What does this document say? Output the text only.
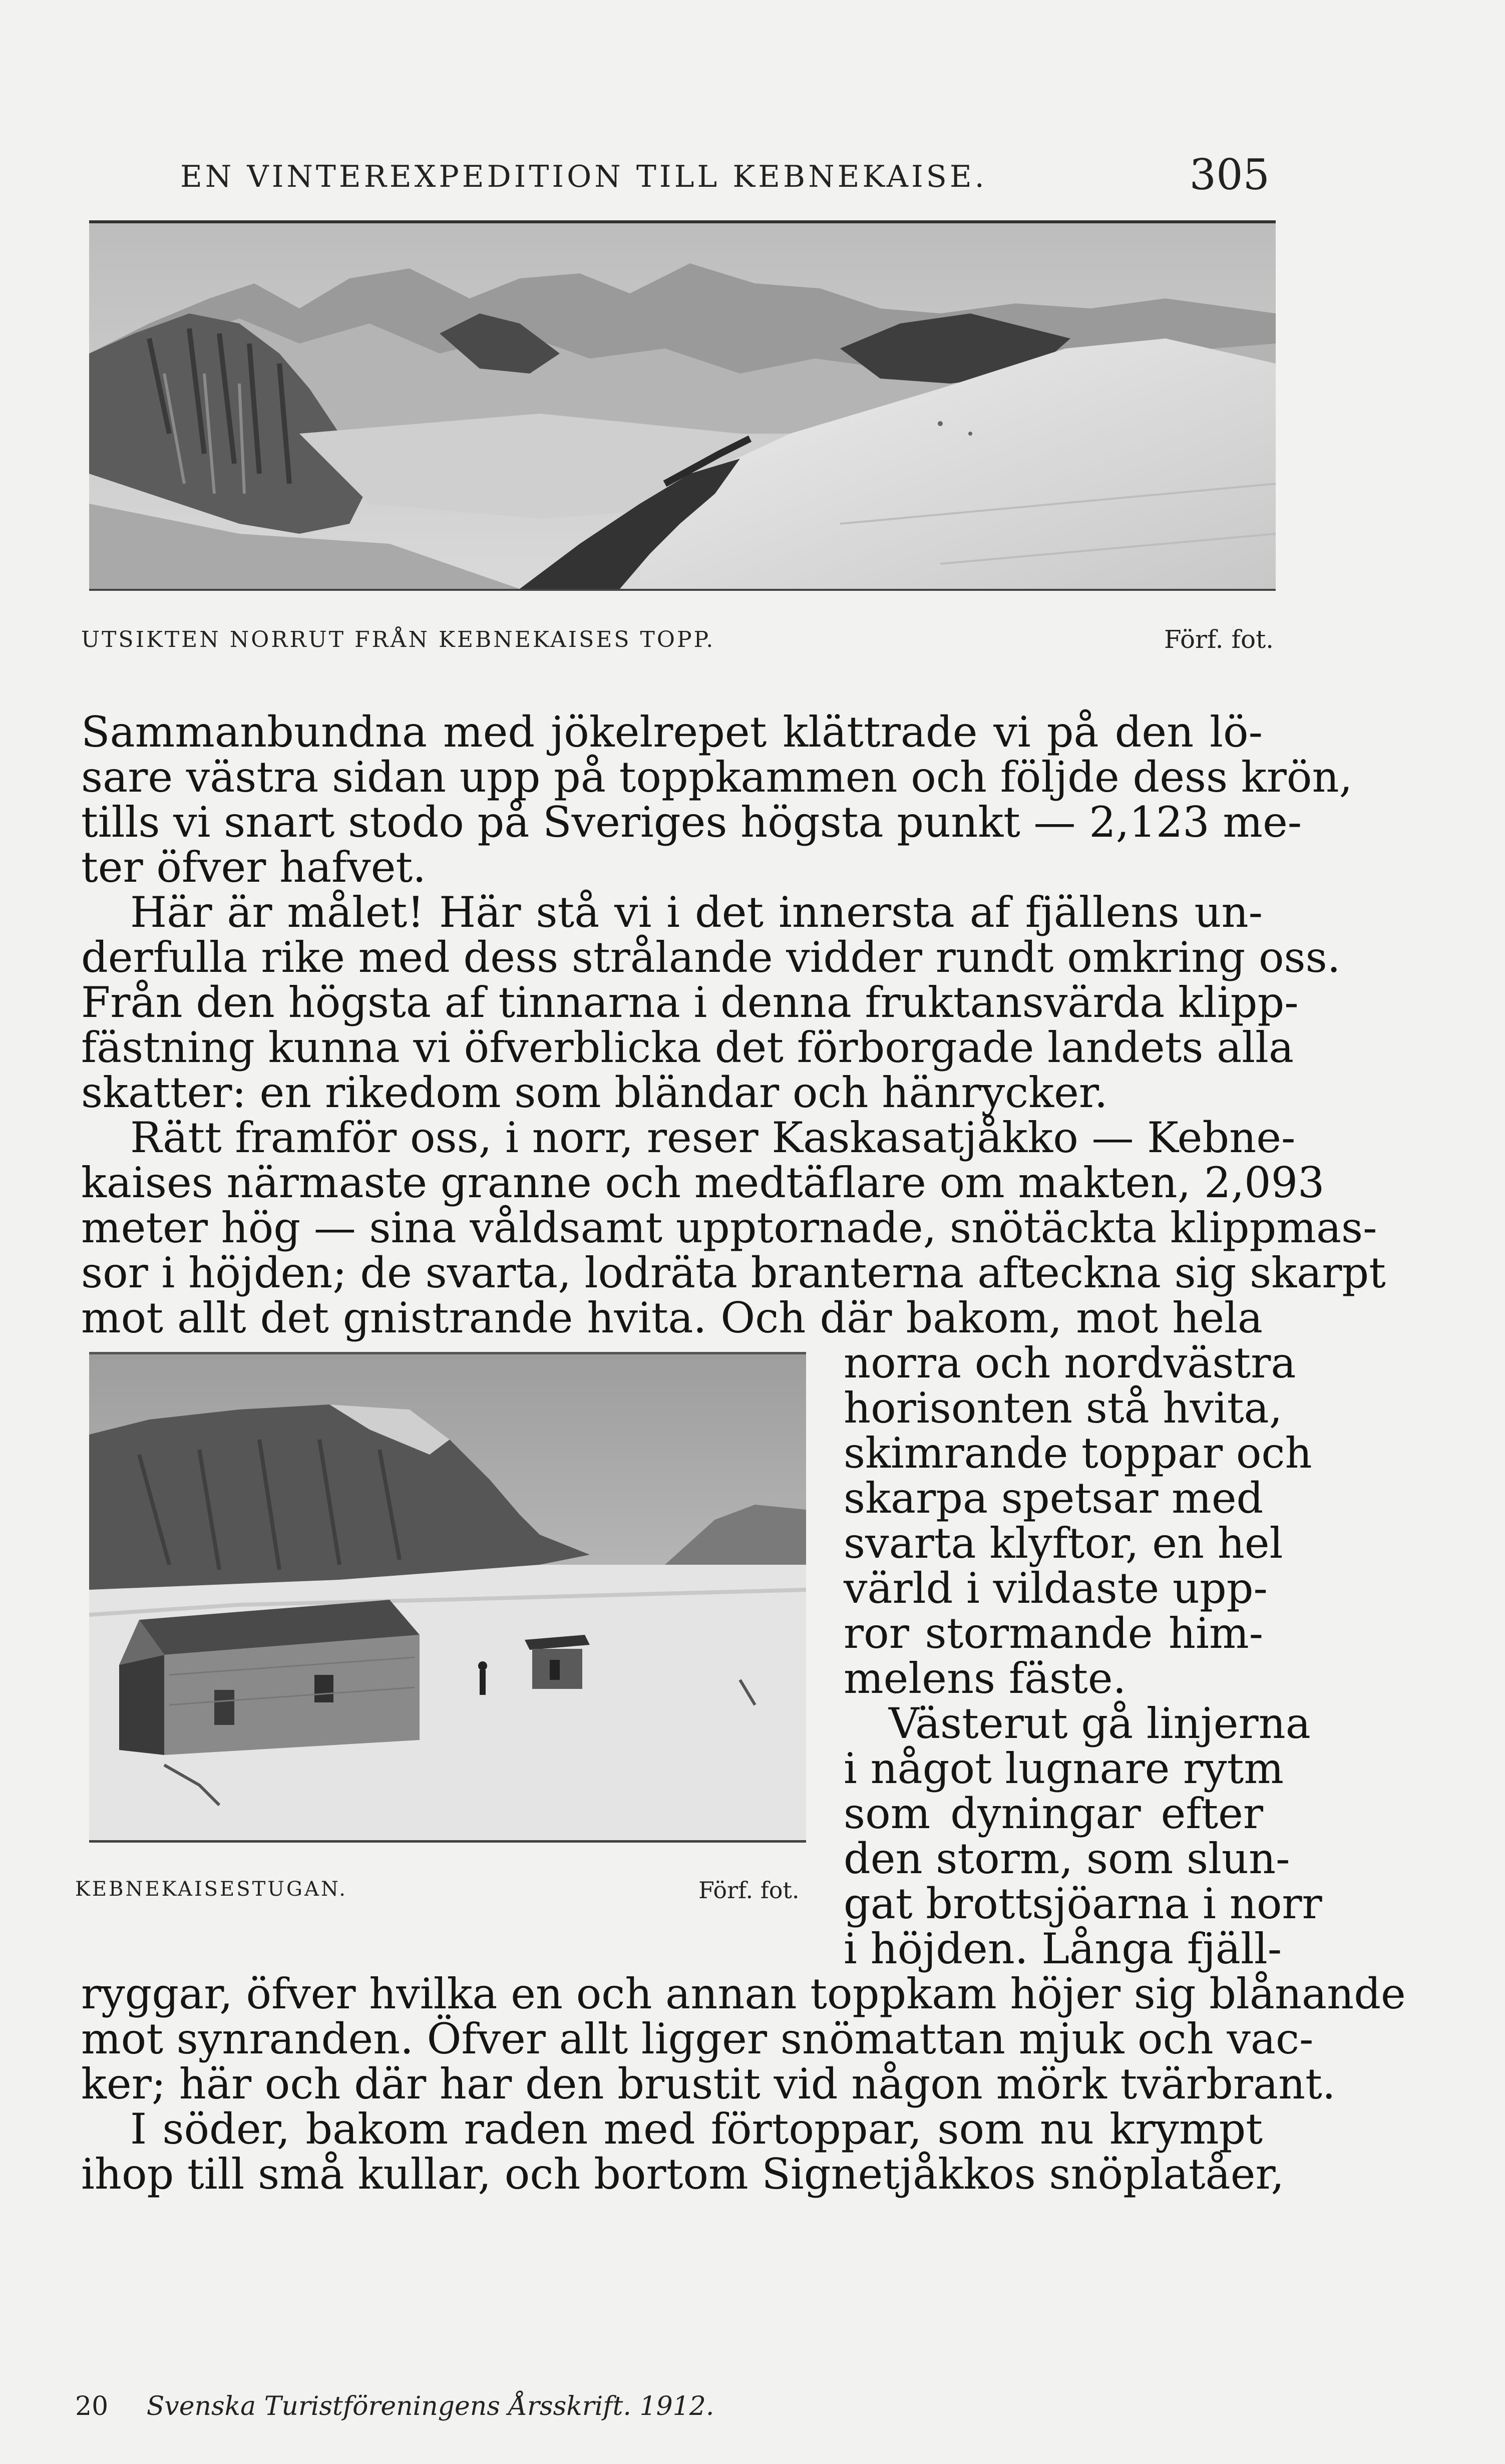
EN VINTEREXPEDITION TILL KEBNEKAISE.	305
UTSIKTEN NORRUT FRÅN KEBNEKAISES TOPP.	Förf. fot.
Sammanbundna med jökelrepet klättrade vi på den lö-
sare västra sidan upp på toppkammen och följde dess krön,
tills vi snart stodo på Sveriges högsta punkt — 2,123 me-
ter öfver hafvet.
Här är målet! Här stå vi i det innersta af fjällens un-
derfulla rike med dess strålande vidder rundt omkring oss.
Från den högsta af tinnarna i denna fruktansvärda klipp-
fästning kunna vi öfverblicka det förborgade landets alla
skatter: en rikedom som bländar och hänrycker.
Rätt framför oss, i norr, reser Kaskasatjåkko — Kebne-
kaises närmaste granne och medtäflare om makten, 2,093
meter hög — sina våldsamt upptornade, snötäckta klippmas-
sor i höjden; de svarta, lodräta branterna afteckna sig skarpt
mot allt det gnistrande hvita. Och där bakom, mot hela
KEBNEKAISESTUGAN.	Förf. fot.
norra och nordvästra
horisonten stå hvita,
skimrande toppar och
skarpa spetsar med
svarta klyftor, en hel
värld i vildaste upp-
ror stormande him-
melens fäste.
Västerut gå linjerna
i något lugnare rytm
som dyningar efter
den storm, som slun-
gat brottsjöarna i norr
i höjden. Långa fjäll-
ryggar, öfver hvilka en och annan toppkam höjer sig blånande
mot synranden. Öfver allt ligger snömattan mjuk och vac-
ker; här och där har den brustit vid någon mörk tvärbrant.
I söder, bakom raden med förtoppar, som nu krympt
ihop till små kullar, och bortom Signetjåkkos snöplatåer,
20 Svenska Turistföreningens Årsskrift. 1912.
